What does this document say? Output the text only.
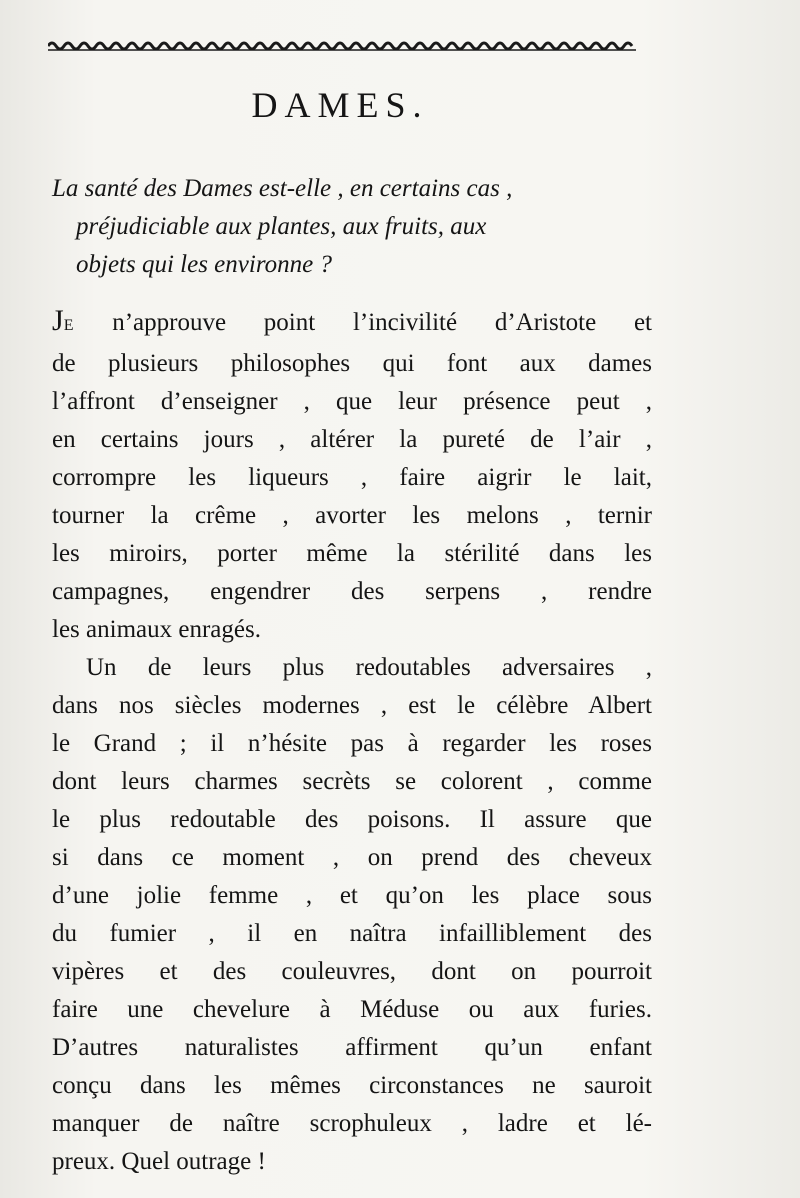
DAMES.
La santé des Dames est-elle , en certains cas ,
préjudiciable aux plantes, aux fruits, aux
objets qui les environne ?
JE n’approuve point l’incivilité d’Aristote et
de plusieurs philosophes qui font aux dames
l’affront d’enseigner , que leur présence peut ,
en certains jours , altérer la pureté de l’air ,
corrompre les liqueurs , faire aigrir le lait,
tourner la crême , avorter les melons , ternir
les miroirs, porter même la stérilité dans les
campagnes, engendrer des serpens , rendre
les animaux enragés.
Un de leurs plus redoutables adversaires ,
dans nos siècles modernes , est le célèbre Albert
le Grand ; il n’hésite pas à regarder les roses
dont leurs charmes secrèts se colorent , comme
le plus redoutable des poisons. Il assure que
si dans ce moment , on prend des cheveux
d’une jolie femme , et qu’on les place sous
du fumier , il en naîtra infailliblement des
vipères et des couleuvres, dont on pourroit
faire une chevelure à Méduse ou aux furies.
D’autres naturalistes affirment qu’un enfant
conçu dans les mêmes circonstances ne sauroit
manquer de naître scrophuleux , ladre et lé-
preux. Quel outrage !
